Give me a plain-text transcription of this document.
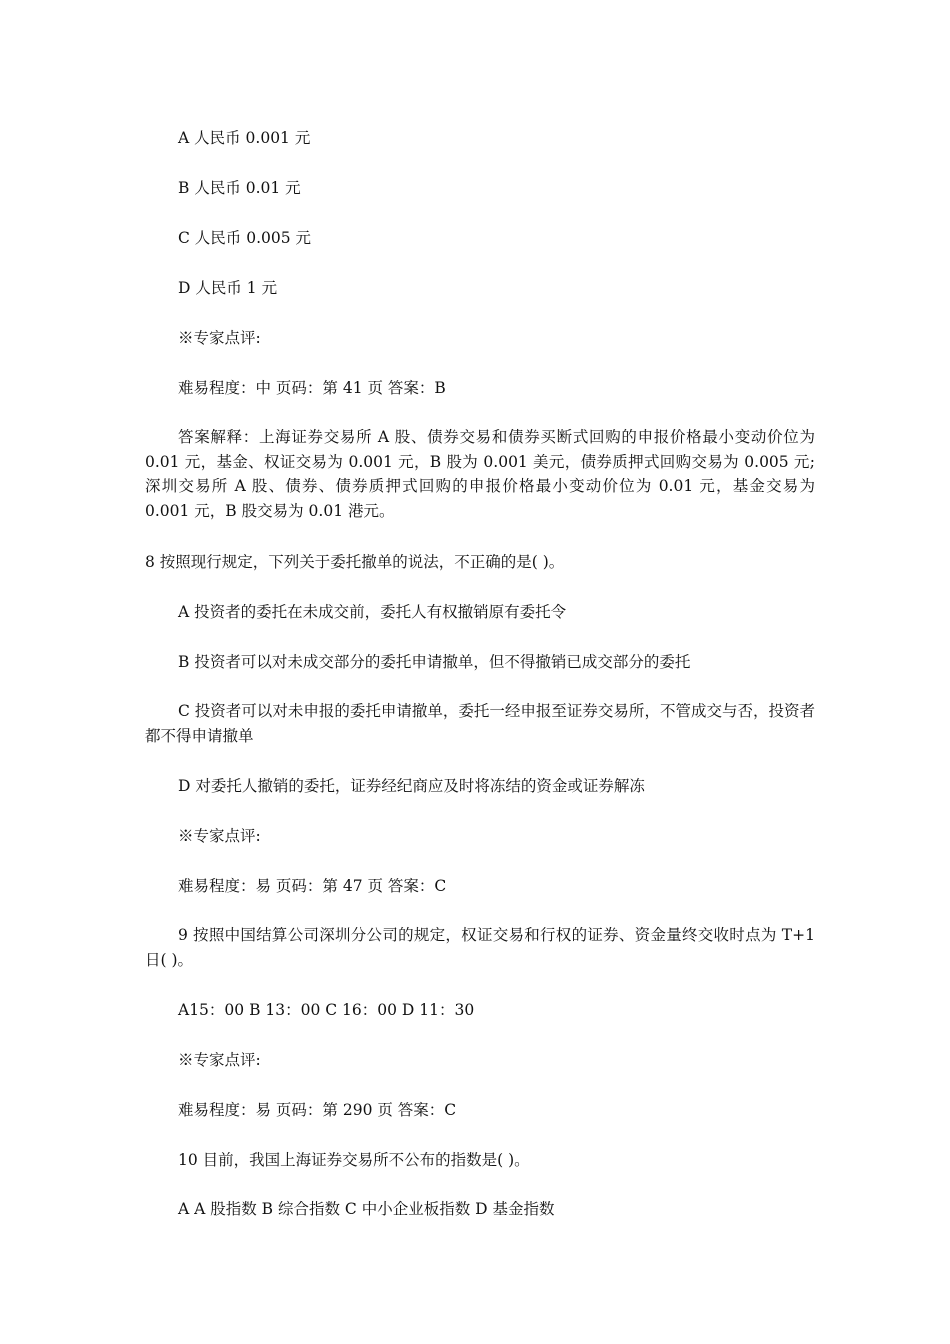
A 人民币 0.001 元

B 人民币 0.01 元

C 人民币 0.005 元

D 人民币 1 元

※专家点评:

难易程度：中 页码：第 41 页 答案：B

答案解释：上海证券交易所 A 股、债券交易和债券买断式回购的申报价格最小变动价位为 0.01 元，基金、权证交易为 0.001 元，B 股为 0.001 美元，债券质押式回购交易为 0.005 元;深圳交易所 A 股、债券、债券质押式回购的申报价格最小变动价位为 0.01 元，基金交易为 0.001 元，B 股交易为 0.01 港元。

8 按照现行规定，下列关于委托撤单的说法，不正确的是( )。

A 投资者的委托在未成交前，委托人有权撤销原有委托令

B 投资者可以对未成交部分的委托申请撤单，但不得撤销已成交部分的委托

C 投资者可以对未申报的委托申请撤单，委托一经申报至证券交易所，不管成交与否，投资者都不得申请撤单

D 对委托人撤销的委托，证券经纪商应及时将冻结的资金或证券解冻

※专家点评:

难易程度：易 页码：第 47 页 答案：C

9 按照中国结算公司深圳分公司的规定，权证交易和行权的证券、资金量终交收时点为 T+1 日( )。

A15：00 B 13：00 C 16：00 D 11：30

※专家点评:

难易程度：易 页码：第 290 页 答案：C

10 目前，我国上海证券交易所不公布的指数是( )。

A A 股指数 B 综合指数 C 中小企业板指数 D 基金指数
